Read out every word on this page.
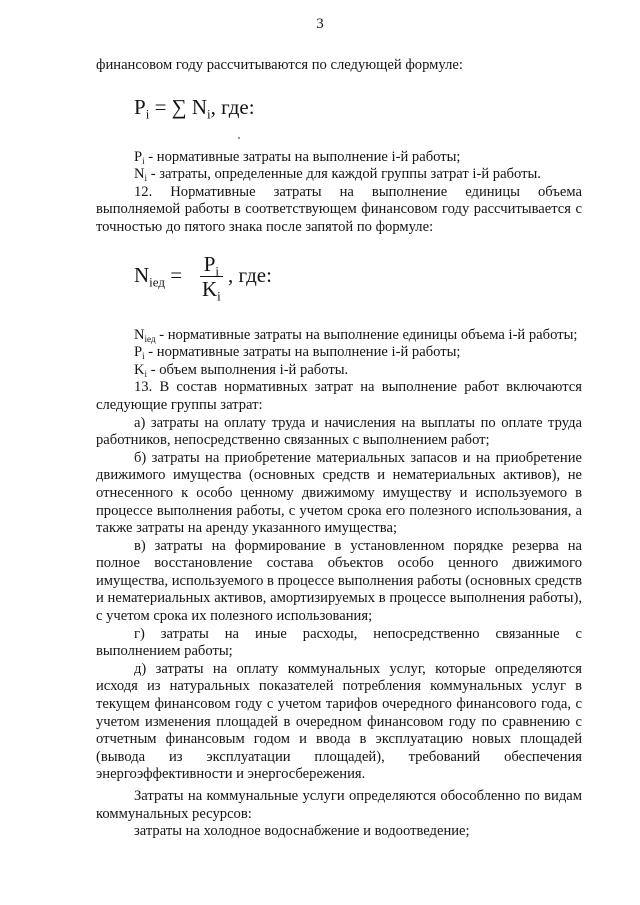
3

финансовом году рассчитываются по следующей формуле:

$P_i$ = ∑ $N_i$, где:

$P_i$ - нормативные затраты на выполнение i-й работы;

$N_i$ - затраты, определенные для каждой группы затрат i-й работы.

12. Нормативные затраты на выполнение единицы объема выполняемой работы в соответствующем финансовом году рассчитывается с точностью до пятого знака после запятой по формуле:

$N_{iед} = P_i$
$K_i$
, где:

$N_{iед}$ - нормативные затраты на выполнение единицы объема i-й работы;

$P_i$ - нормативные затраты на выполнение i-й работы;

$K_i$ - объем выполнения i-й работы.

13. В состав нормативных затрат на выполнение работ включаются следующие группы затрат:

а) затраты на оплату труда и начисления на выплаты по оплате труда работников, непосредственно связанных с выполнением работ;

б) затраты на приобретение материальных запасов и на приобретение движимого имущества (основных средств и нематериальных активов), не отнесенного к особо ценному движимому имуществу и используемого в процессе выполнения работы, с учетом срока его полезного использования, а также затраты на аренду указанного имущества;

в) затраты на формирование в установленном порядке резерва на полное восстановление состава объектов особо ценного движимого имущества, используемого в процессе выполнения работы (основных средств и нематериальных активов, амортизируемых в процессе выполнения работы), с учетом срока их полезного использования;

г) затраты на иные расходы, непосредственно связанные с выполнением работы;

д) затраты на оплату коммунальных услуг, которые определяются исходя из натуральных показателей потребления коммунальных услуг в текущем финансовом году с учетом тарифов очередного финансового года, с учетом изменения площадей в очередном финансовом году по сравнению с отчетным финансовым годом и ввода в эксплуатацию новых площадей (вывода из эксплуатации площадей), требований обеспечения энергоэффективности и энергосбережения.

Затраты на коммунальные услуги определяются обособленно по видам коммунальных ресурсов:

затраты на холодное водоснабжение и водоотведение;
